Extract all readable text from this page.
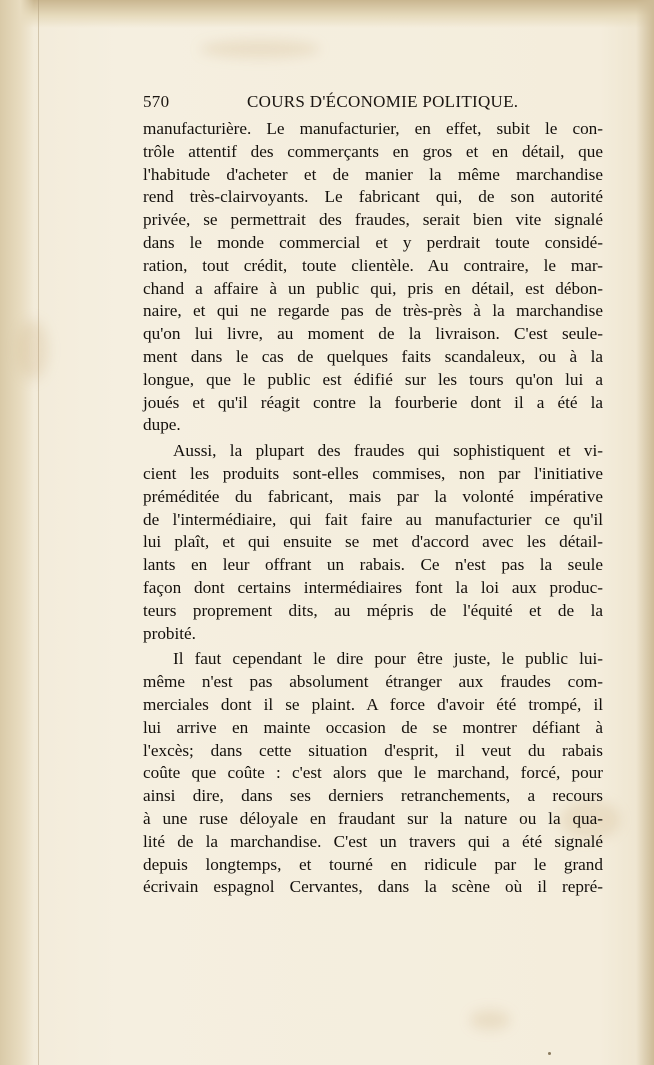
570	COURS D'ÉCONOMIE POLITIQUE.
manufacturière. Le manufacturier, en effet, subit le con-
trôle attentif des commerçants en gros et en détail, que
l'habitude d'acheter et de manier la même marchandise
rend très-clairvoyants. Le fabricant qui, de son autorité
privée, se permettrait des fraudes, serait bien vite signalé
dans le monde commercial et y perdrait toute considé-
ration, tout crédit, toute clientèle. Au contraire, le mar-
chand a affaire à un public qui, pris en détail, est débon-
naire, et qui ne regarde pas de très-près à la marchandise
qu'on lui livre, au moment de la livraison. C'est seule-
ment dans le cas de quelques faits scandaleux, ou à la
longue, que le public est édifié sur les tours qu'on lui a
joués et qu'il réagit contre la fourberie dont il a été la
dupe.
Aussi, la plupart des fraudes qui sophistiquent et vi-
cient les produits sont-elles commises, non par l'initiative
préméditée du fabricant, mais par la volonté impérative
de l'intermédiaire, qui fait faire au manufacturier ce qu'il
lui plaît, et qui ensuite se met d'accord avec les détail-
lants en leur offrant un rabais. Ce n'est pas la seule
façon dont certains intermédiaires font la loi aux produc-
teurs proprement dits, au mépris de l'équité et de la
probité.
Il faut cependant le dire pour être juste, le public lui-
même n'est pas absolument étranger aux fraudes com-
merciales dont il se plaint. A force d'avoir été trompé, il
lui arrive en mainte occasion de se montrer défiant à
l'excès; dans cette situation d'esprit, il veut du rabais
coûte que coûte : c'est alors que le marchand, forcé, pour
ainsi dire, dans ses derniers retranchements, a recours
à une ruse déloyale en fraudant sur la nature ou la qua-
lité de la marchandise. C'est un travers qui a été signalé
depuis longtemps, et tourné en ridicule par le grand
écrivain espagnol Cervantes, dans la scène où il repré-
